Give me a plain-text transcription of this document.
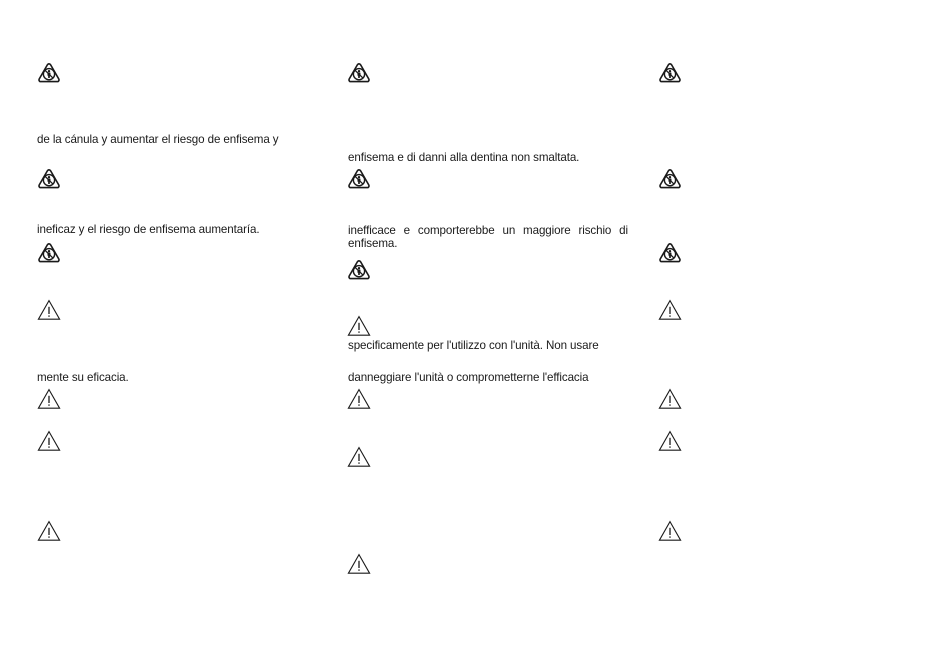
de la cánula y aumentar el riesgo de enfisema y
ineficaz y el riesgo de enfisema aumentaría.
mente su eficacia.
enfisema e di danni alla dentina non smaltata.
inefficace e comporterebbe un maggiore rischio di enfisema.
specificamente per l'utilizzo con l'unità. Non usare
danneggiare l'unità o comprometterne l'efficacia
